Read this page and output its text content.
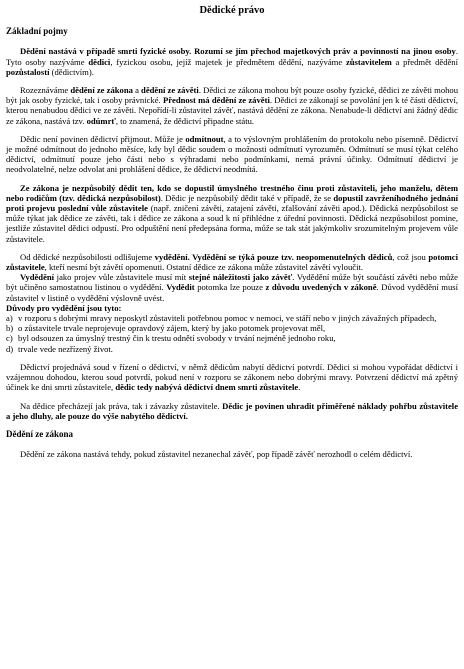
Dědické právo
Základní pojmy

Dědění nastává v případě smrti fyzické osoby. Rozumí se jím přechod majetkových práv a povinností na jinou osoby. Tyto osoby nazýváme dědici, fyzickou osobu, jejíž majetek je předmětem dědění, nazýváme zůstavitelem a předmět dědění pozůstalostí (dědictvím).

Rozeznáváme dědění ze zákona a dědění ze závěti. Dědici ze zákona mohou být pouze osoby fyzické, dědici ze závěti mohou být jak osoby fyzické, tak i osoby právnické. Přednost má dědění ze závěti. Dědici ze zákonají se povolání jen k té části dědictví, kterou nenabudou dědici ve ze závěti. Nepořídí-li zůstavitel závěť, nastává dědění ze zákona. Nenabude-li dědictví ani žádný dědic ze zákona, nastává tzv. odúmrť, to znamená, že dědictví připadne státu.

Dědic není povinen dědictví přijmout. Může je odmítnout, a to výslovným prohlášením do protokolu nebo písemně. Dědictví je možné odmítnout do jednoho měsíce, kdy byl dědic soudem o možnosti odmítnutí vyrozuměn. Odmítnutí se musí týkat celého dědictví, odmítnutí pouze jeho části nebo s výhradami nebo podmínkami, nemá právní účinky. Odmítnutí dědictví je neodvolatelné, nelze odvolat ani prohlášení dědice, že dědictví neodmítá.

Ze zákona je nezpůsobilý dědit ten, kdo se dopustil úmyslného trestného činu proti zůstaviteli, jeho manželu, dětem nebo rodičům (tzv. dědická nezpůsobilost). Dědic je nezpůsobilý dědit také v případě, že se dopustil zavrženíhodného jednání proti projevu poslední vůle zůstavitele (např. zničení závěti, zatajení závěti, zfalšování závěti apod.). Dědická nezpůsobilost se může týkat jak dědice ze závěti, tak i dědice ze zákona a soud k ní přihlédne z úřední povinnosti. Dědická nezpůsobilost pomine, jestliže zůstavitel dědici odpustí. Pro odpuštění není předepsána forma, může se tak stát jakýmkoliv srozumitelným projevem vůle zůstavitele.

Od dědické nezpůsobilosti odlišujeme vydědění. Vydědění se týká pouze tzv. neopomenutelných dědiců, což jsou potomci zůstavitele, kteří nesmí být závětí opomenuti. Ostatní dědice ze zákona může zůstavitel závětí vyloučit.

Vydědění jako projev vůle zůstavitele musí mít stejné náležitosti jako závěť. Vydědění může být součástí závěti nebo může být učiněno samostatnou listinou o vydědění. Vydědit potomka lze pouze z důvodu uvedených v zákoně. Důvod vydědění musí zůstavitel v listině o vydědění výslovně uvést.

Důvody pro vydědění jsou tyto:
a) v rozporu s dobrými mravy neposkytl zůstaviteli potřebnou pomoc v nemoci, ve stáří nebo v jiných závažných případech,
b) o zůstavitele trvale neprojevuje opravdový zájem, který by jako potomek projevovat měl,
c) byl odsouzen za úmyslný trestný čin k trestu odnětí svobody v trvání nejméně jednoho roku,
d) trvale vede nezřízený život.

Dědictví projednává soud v řízení o dědictví, v němž dědicům nabytí dědictví potvrdí. Dědici si mohou vypořádat dědictví i vzájemnou dohodou, kterou soud potvrdí, pokud není v rozporu se zákonem nebo dobrými mravy. Potvrzení dědictví má zpětný účinek ke dni smrti zůstavitele, dědic tedy nabývá dědictví dnem smrti zůstavitele.

Na dědice přecházejí jak práva, tak i závazky zůstavitele. Dědic je povinen uhradit přiměřené náklady pohřbu zůstavitele a jeho dluhy, ale pouze do výše nabytého dědictví.

Dědění ze zákona

Dědění ze zákona nastává tehdy, pokud zůstavitel nezanechal závěť, pop řípadě závěť nerozhodl o celém dědictví.
